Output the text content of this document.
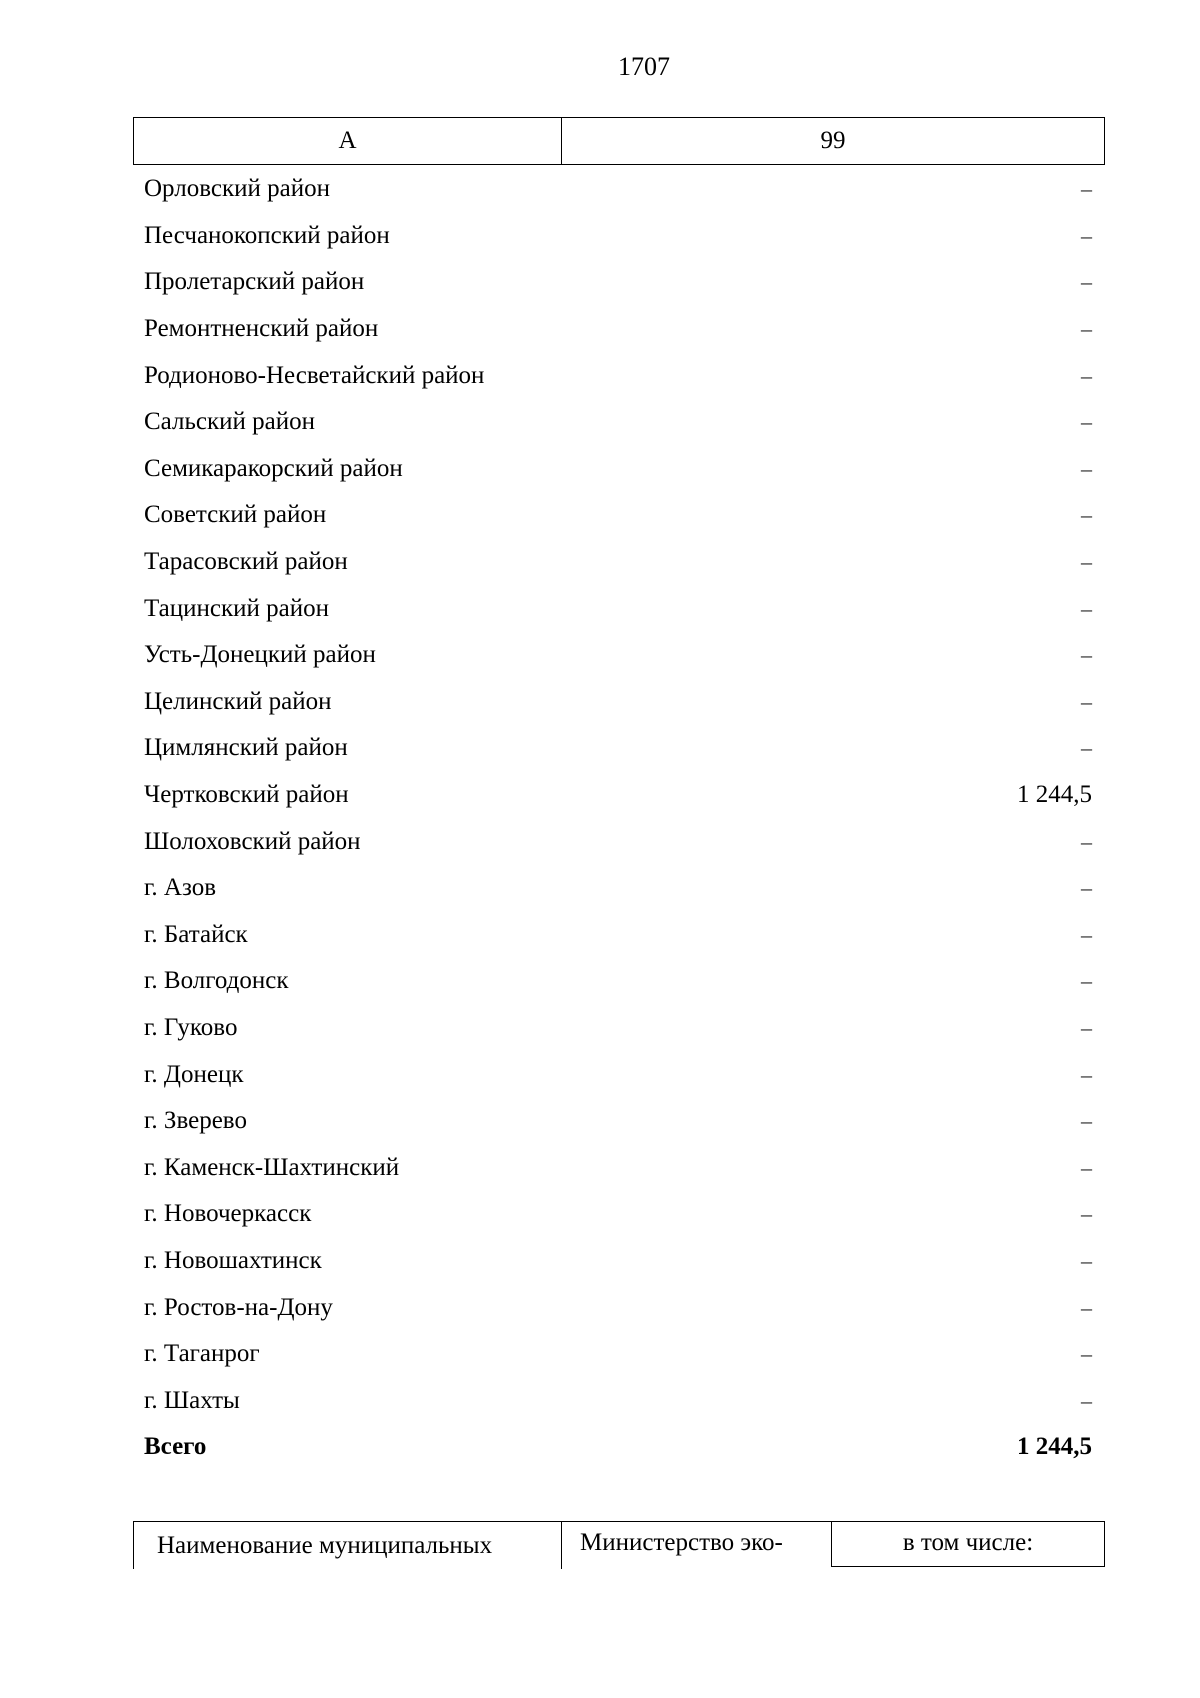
1707
А	99
Орловский район	–
Песчанокопский район	–
Пролетарский район	–
Ремонтненский район	–
Родионово-Несветайский район	–
Сальский район	–
Семикаракорский район	–
Советский район	–
Тарасовский район	–
Тацинский район	–
Усть-Донецкий район	–
Целинский район	–
Цимлянский район	–
Чертковский район	1 244,5
Шолоховский район	–
г. Азов	–
г. Батайск	–
г. Волгодонск	–
г. Гуково	–
г. Донецк	–
г. Зверево	–
г. Каменск-Шахтинский	–
г. Новочеркасск	–
г. Новошахтинск	–
г. Ростов-на-Дону	–
г. Таганрог	–
г. Шахты	–
Всего	1 244,5
Наименование муниципальных	Министерство эко-	в том числе:
